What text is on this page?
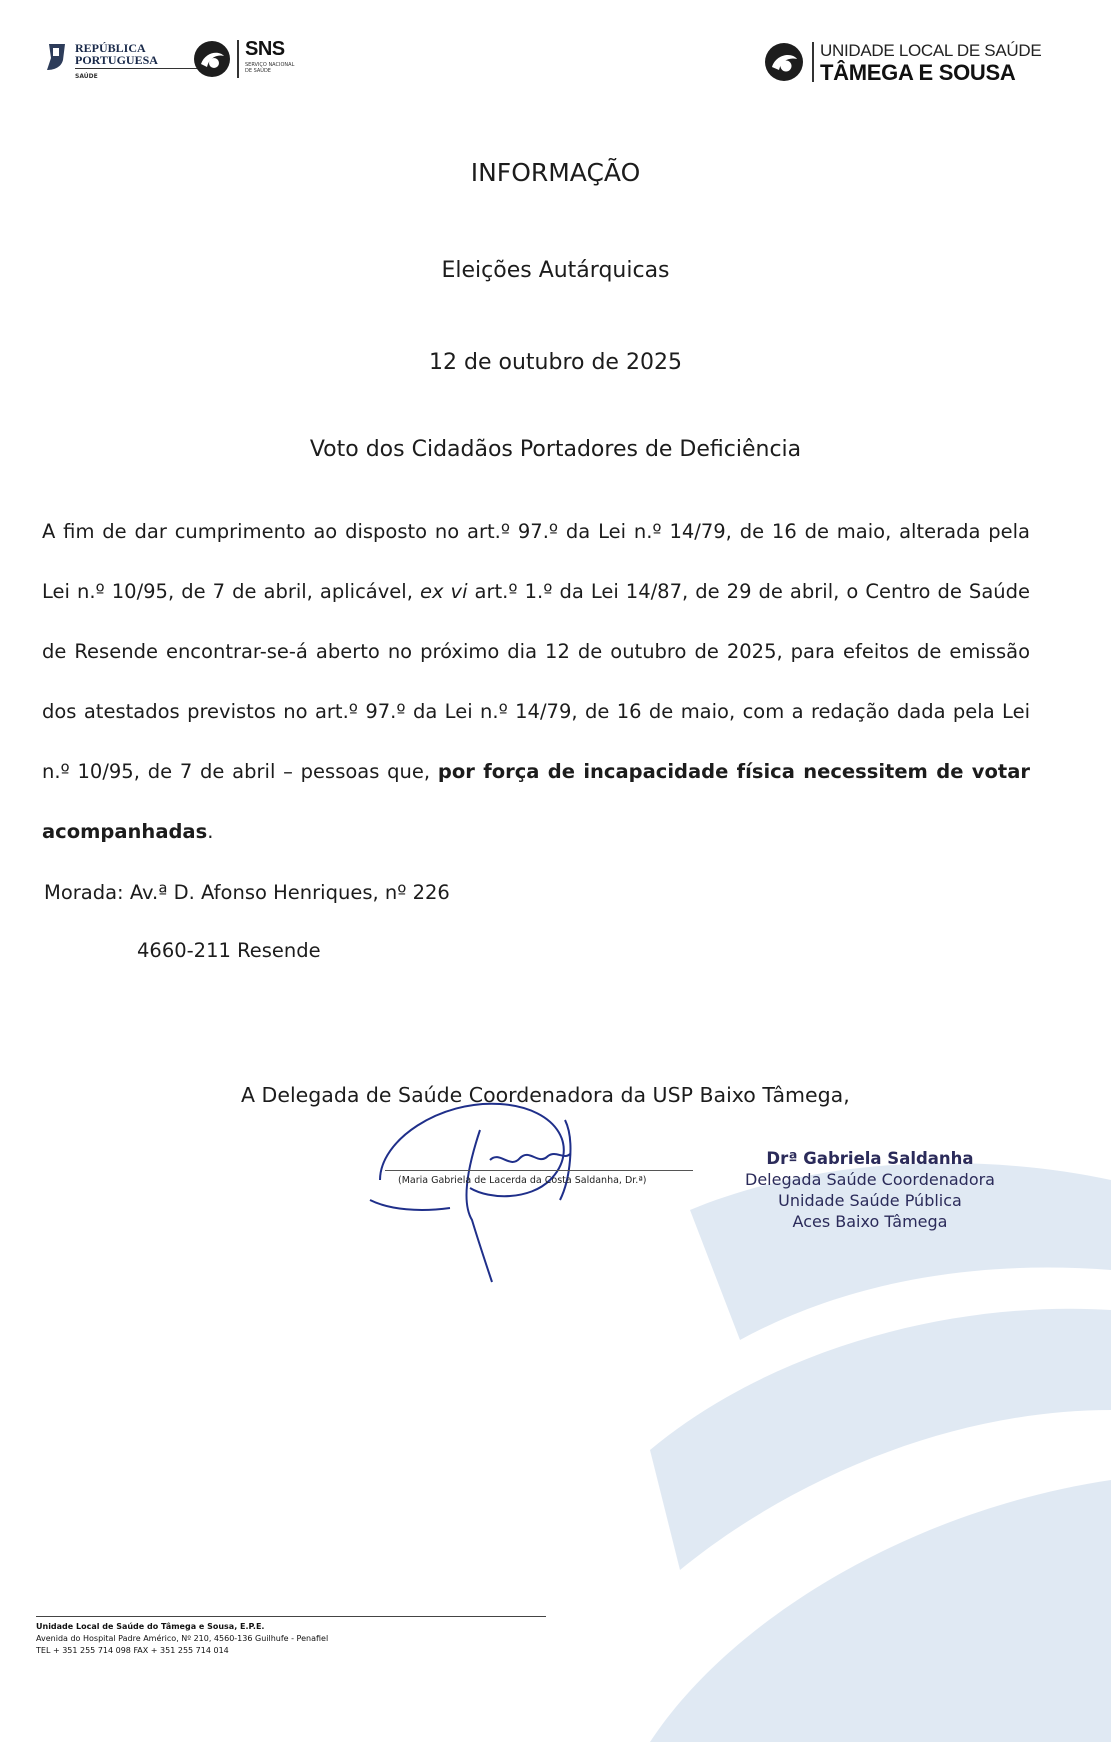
REPÚBLICA
PORTUGUESA
SAÚDE
SNS
SERVIÇO NACIONAL
DE SAÚDE
UNIDADE LOCAL DE SAÚDE
TÂMEGA E SOUSA
INFORMAÇÃO
Eleições Autárquicas
12 de outubro de 2025
Voto dos Cidadãos Portadores de Deficiência
A fim de dar cumprimento ao disposto no art.º 97.º da Lei n.º 14/79, de 16 de maio, alterada pela
Lei n.º 10/95, de 7 de abril, aplicável, ex vi art.º 1.º da Lei 14/87, de 29 de abril, o Centro de Saúde
de Resende encontrar-se-á aberto no próximo dia 12 de outubro de 2025, para efeitos de emissão
dos atestados previstos no art.º 97.º da Lei n.º 14/79, de 16 de maio, com a redação dada pela Lei
n.º 10/95, de 7 de abril – pessoas que, por força de incapacidade física necessitem de votar
acompanhadas.
Morada: Av.ª D. Afonso Henriques, nº 226
4660-211 Resende
A Delegada de Saúde Coordenadora da USP Baixo Tâmega,
(Maria Gabriela de Lacerda da Costa Saldanha, Dr.ª)
Drª Gabriela Saldanha
Delegada Saúde Coordenadora
Unidade Saúde Pública
Aces Baixo Tâmega
Unidade Local de Saúde do Tâmega e Sousa, E.P.E.
Avenida do Hospital Padre Américo, Nº 210, 4560-136 Guilhufe - Penafiel
TEL + 351 255 714 098 FAX + 351 255 714 014
